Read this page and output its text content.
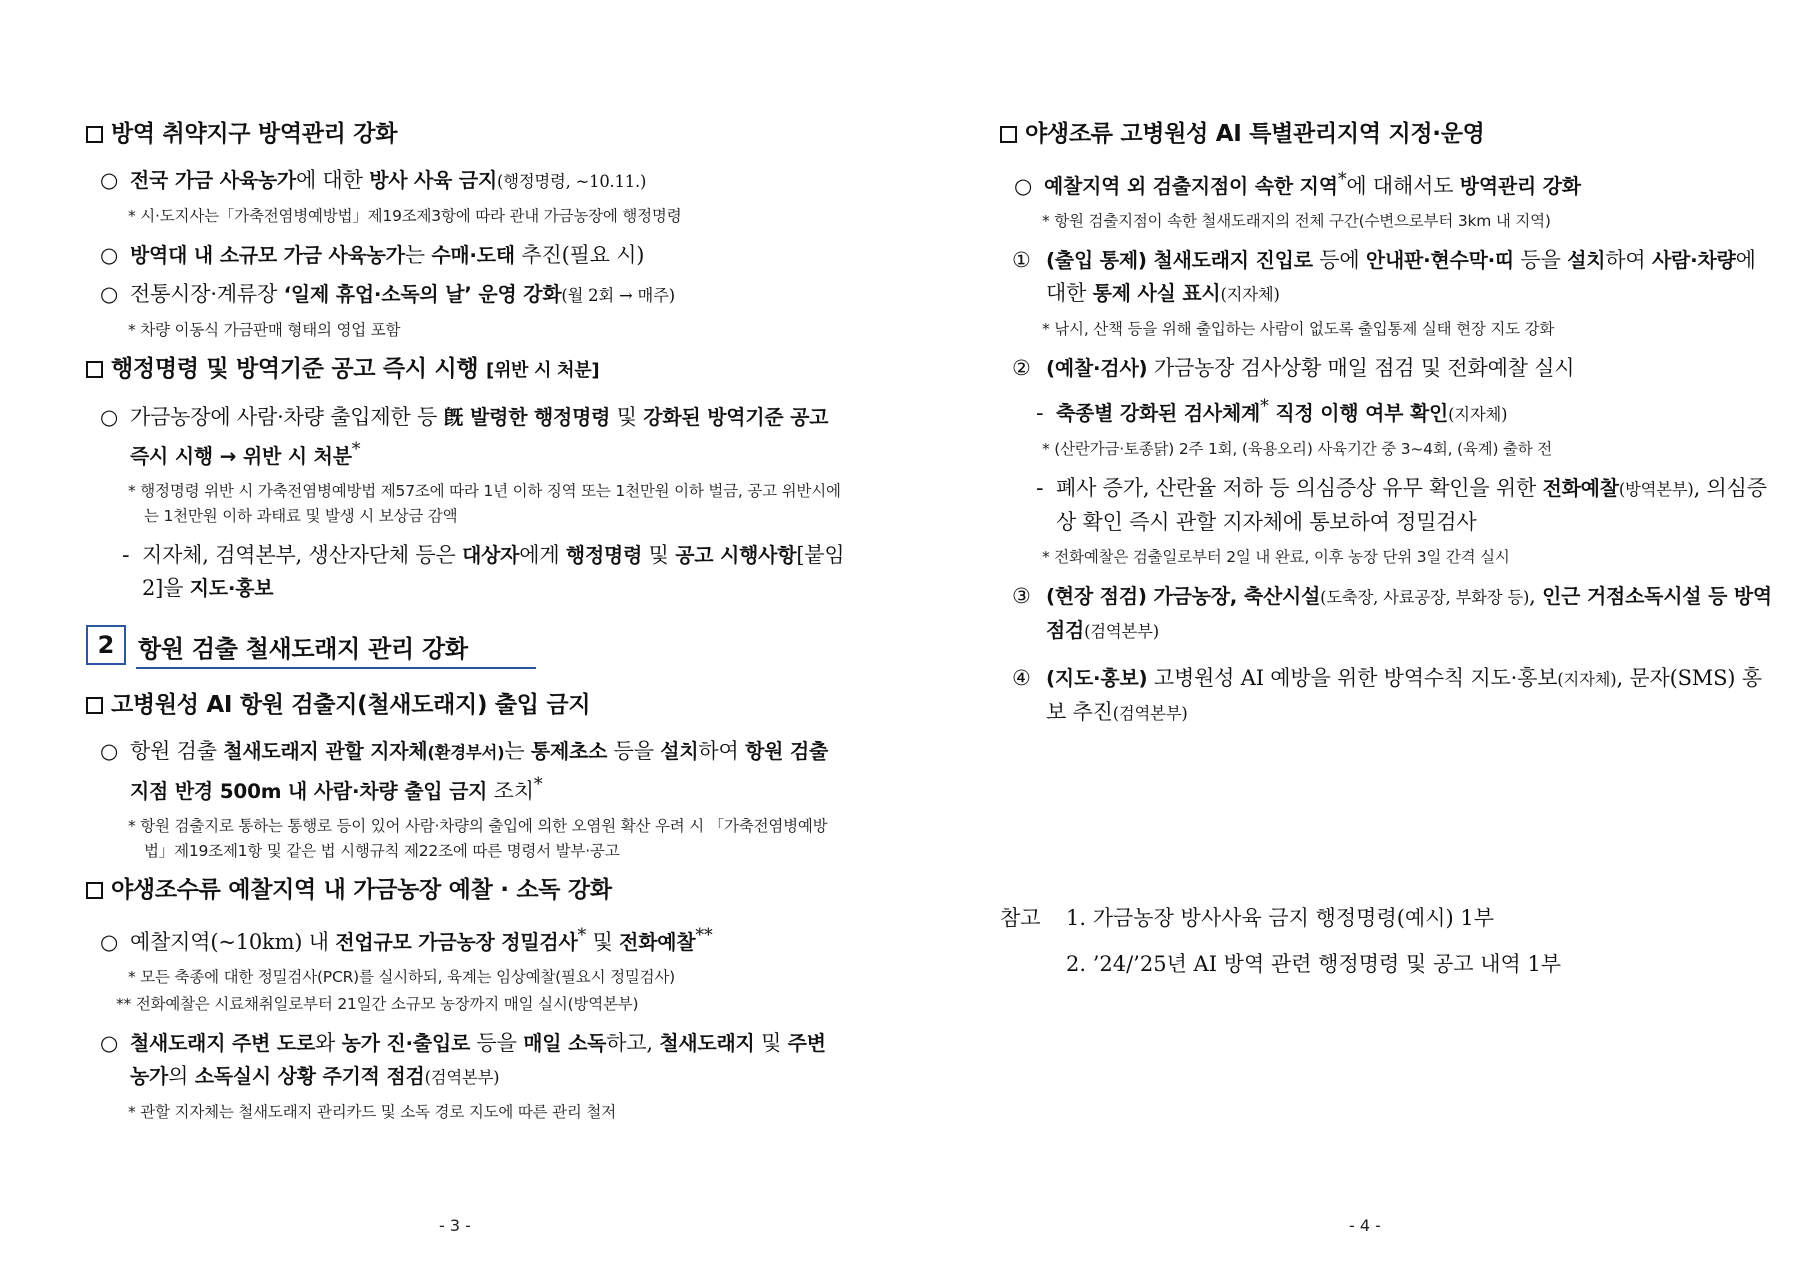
방역 취약지구 방역관리 강화
○ 전국 가금 사육농가에 대한 방사 사육 금지(행정명령, ~10.11.)
* 시·도지사는「가축전염병예방법」제19조제3항에 따라 관내 가금농장에 행정명령
○ 방역대 내 소규모 가금 사육농가는 수매·도태 추진(필요 시)
○ 전통시장·계류장 ‘일제 휴업·소독의 날’ 운영 강화(월 2회 → 매주)
* 차량 이동식 가금판매 형태의 영업 포함
행정명령 및 방역기준 공고 즉시 시행 [위반 시 처분]
○ 가금농장에 사람·차량 출입제한 등 旣 발령한 행정명령 및 강화된 방역기준 공고 즉시 시행 → 위반 시 처분*
* 행정명령 위반 시 가축전염병예방법 제57조에 따라 1년 이하 징역 또는 1천만원 이하 벌금, 공고 위반시에는 1천만원 이하 과태료 및 발생 시 보상금 감액
- 지자체, 검역본부, 생산자단체 등은 대상자에게 행정명령 및 공고 시행사항[붙임 2]을 지도·홍보
2 항원 검출 철새도래지 관리 강화
고병원성 AI 항원 검출지(철새도래지) 출입 금지
○ 항원 검출 철새도래지 관할 지자체(환경부서)는 통제초소 등을 설치하여 항원 검출지점 반경 500m 내 사람·차량 출입 금지 조치*
* 항원 검출지로 통하는 통행로 등이 있어 사람·차량의 출입에 의한 오염원 확산 우려 시 「가축전염병예방법」제19조제1항 및 같은 법 시행규칙 제22조에 따른 명령서 발부·공고
야생조수류 예찰지역 내 가금농장 예찰 · 소독 강화
○ 예찰지역(~10km) 내 전업규모 가금농장 정밀검사* 및 전화예찰**
* 모든 축종에 대한 정밀검사(PCR)를 실시하되, 육계는 임상예찰(필요시 정밀검사)
** 전화예찰은 시료채취일로부터 21일간 소규모 농장까지 매일 실시(방역본부)
○ 철새도래지 주변 도로와 농가 진·출입로 등을 매일 소독하고, 철새도래지 및 주변 농가의 소독실시 상황 주기적 점검(검역본부)
* 관할 지자체는 철새도래지 관리카드 및 소독 경로 지도에 따른 관리 철저
- 3 -
야생조류 고병원성 AI 특별관리지역 지정·운영
○ 예찰지역 외 검출지점이 속한 지역*에 대해서도 방역관리 강화
* 항원 검출지점이 속한 철새도래지의 전체 구간(수변으로부터 3km 내 지역)
① (출입 통제) 철새도래지 진입로 등에 안내판·현수막·띠 등을 설치하여 사람·차량에 대한 통제 사실 표시(지자체)
* 낚시, 산책 등을 위해 출입하는 사람이 없도록 출입통제 실태 현장 지도 강화
② (예찰·검사) 가금농장 검사상황 매일 점검 및 전화예찰 실시
- 축종별 강화된 검사체계* 직정 이행 여부 확인(지자체)
* (산란가금·토종닭) 2주 1회, (육용오리) 사육기간 중 3~4회, (육계) 출하 전
- 폐사 증가, 산란율 저하 등 의심증상 유무 확인을 위한 전화예찰(방역본부), 의심증상 확인 즉시 관할 지자체에 통보하여 정밀검사
* 전화예찰은 검출일로부터 2일 내 완료, 이후 농장 단위 3일 간격 실시
③ (현장 점검) 가금농장, 축산시설(도축장, 사료공장, 부화장 등), 인근 거점소독시설 등 방역 점검(검역본부)
④ (지도·홍보) 고병원성 AI 예방을 위한 방역수칙 지도·홍보(지자체), 문자(SMS) 홍보 추진(검역본부)
참고 1. 가금농장 방사사육 금지 행정명령(예시) 1부
2. ’24/’25년 AI 방역 관련 행정명령 및 공고 내역 1부
- 4 -
